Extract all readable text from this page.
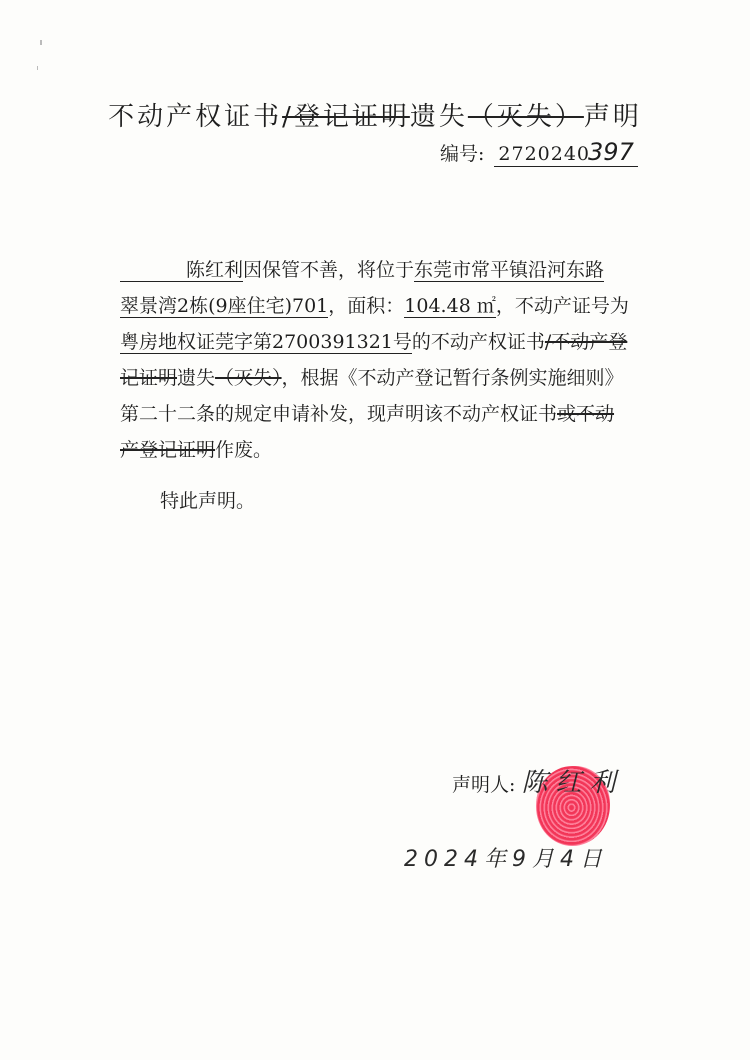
不动产权证书/登记证明遗失（灭失）声明
编号: 2720240397
陈红利因保管不善，将位于东莞市常平镇沿河东路
翠景湾2栋(9座住宅)701，面积：104.48 ㎡，不动产证号为
粤房地权证莞字第2700391321号的不动产权证书/不动产登
记证明遗失（灭失），根据《不动产登记暂行条例实施细则》
第二十二条的规定申请补发，现声明该不动产权证书或不动
产登记证明作废。
特此声明。
声明人: 陈红利
2024年9月4日
